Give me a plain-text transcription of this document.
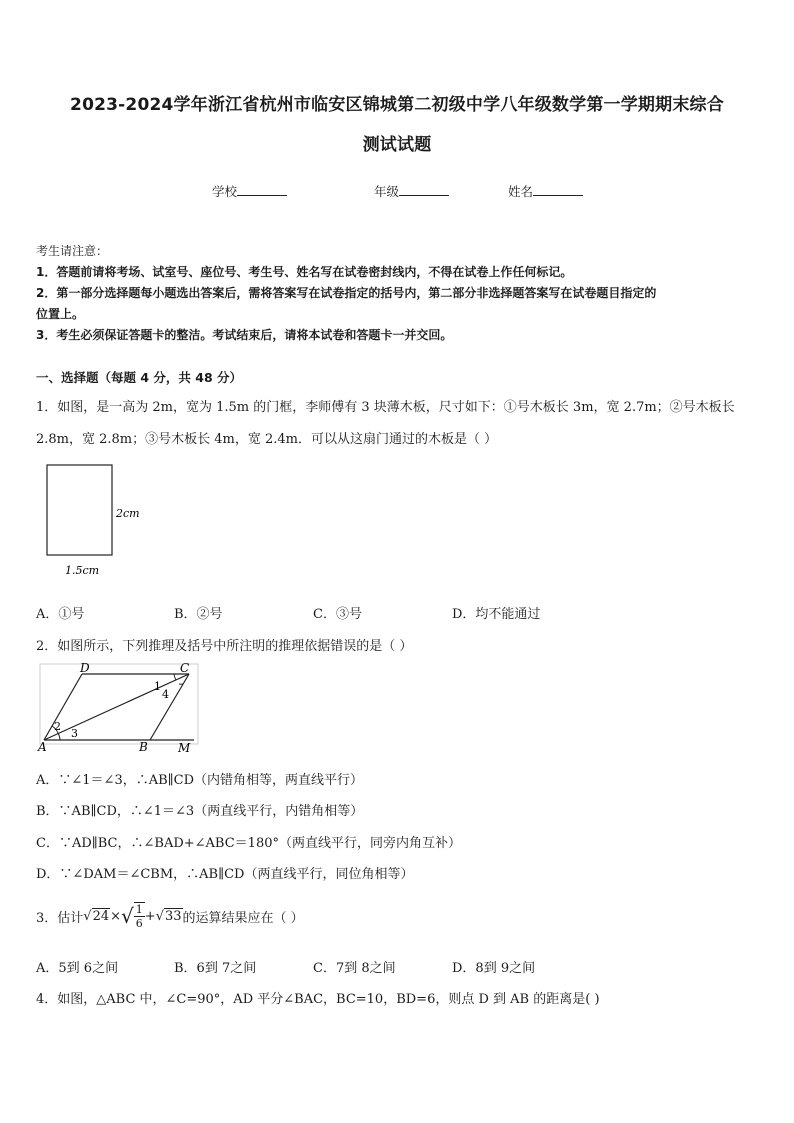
2023-2024学年浙江省杭州市临安区锦城第二初级中学八年级数学第一学期期末综合
测试试题
学校	年级	姓名
考生请注意：
1．答题前请将考场、试室号、座位号、考生号、姓名写在试卷密封线内，不得在试卷上作任何标记。
2．第一部分选择题每小题选出答案后，需将答案写在试卷指定的括号内，第二部分非选择题答案写在试卷题目指定的
位置上。
3．考生必须保证答题卡的整洁。考试结束后，请将本试卷和答题卡一并交回。
一、选择题（每题 4 分，共 48 分）
1．如图，是一高为 2m，宽为 1.5m 的门框，李师傅有 3 块薄木板，尺寸如下：①号木板长 3m，宽 2.7m；②号木板长
2.8m，宽 2.8m；③号木板长 4m，宽 2.4m．可以从这扇门通过的木板是（ ）
2cm
1.5cm
A．①号	B．②号	C．③号	D．均不能通过
2．如图所示，下列推理及括号中所注明的推理依据错误的是（ ）
D	C
A	B	M
1
2
3
4
A．∵∠1＝∠3，∴AB∥CD（内错角相等，两直线平行）
B．∵AB∥CD，∴∠1＝∠3（两直线平行，内错角相等）
C．∵AD∥BC，∴∠BAD+∠ABC＝180°（两直线平行，同旁内角互补）
D．∵∠DAM＝∠CBM，∴AB∥CD（两直线平行，同位角相等）
3．估计 √24 × √ $\frac{1}{6} + √33$ 的运算结果应在（ ）
A．5到 6之间	B．6到 7之间	C．7到 8之间	D．8到 9之间
4．如图，△ABC 中，∠C=90°，AD 平分∠BAC，BC=10，BD=6，则点 D 到 AB 的距离是( )
